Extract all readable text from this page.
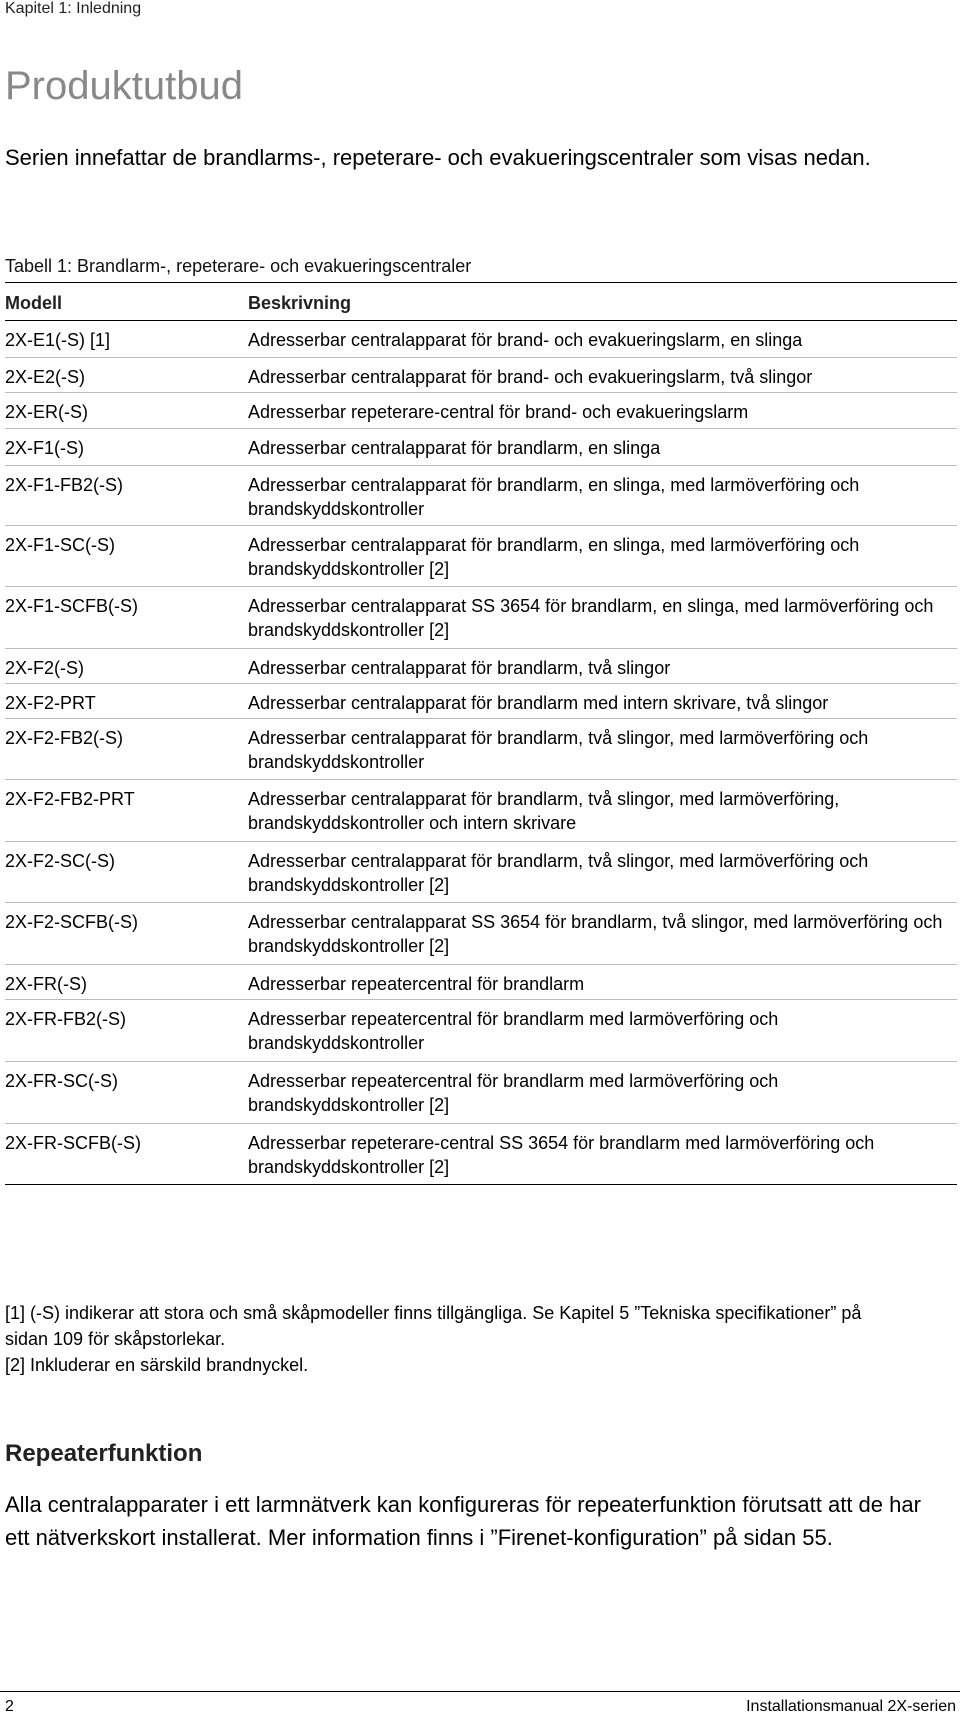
Kapitel 1: Inledning
Produktutbud
Serien innefattar de brandlarms-, repeterare- och evakueringscentraler som visas nedan.
Tabell 1: Brandlarm-, repeterare- och evakueringscentraler
Modell	Beskrivning
2X-E1(-S) [1]	Adresserbar centralapparat för brand- och evakueringslarm, en slinga
2X-E2(-S)	Adresserbar centralapparat för brand- och evakueringslarm, två slingor
2X-ER(-S)	Adresserbar repeterare-central för brand- och evakueringslarm
2X-F1(-S)	Adresserbar centralapparat för brandlarm, en slinga
2X-F1-FB2(-S)	Adresserbar centralapparat för brandlarm, en slinga, med larmöverföring och brandskyddskontroller
2X-F1-SC(-S)	Adresserbar centralapparat för brandlarm, en slinga, med larmöverföring och brandskyddskontroller [2]
2X-F1-SCFB(-S)	Adresserbar centralapparat SS 3654 för brandlarm, en slinga, med larmöverföring och brandskyddskontroller [2]
2X-F2(-S)	Adresserbar centralapparat för brandlarm, två slingor
2X-F2-PRT	Adresserbar centralapparat för brandlarm med intern skrivare, två slingor
2X-F2-FB2(-S)	Adresserbar centralapparat för brandlarm, två slingor, med larmöverföring och brandskyddskontroller
2X-F2-FB2-PRT	Adresserbar centralapparat för brandlarm, två slingor, med larmöverföring, brandskyddskontroller och intern skrivare
2X-F2-SC(-S)	Adresserbar centralapparat för brandlarm, två slingor, med larmöverföring och brandskyddskontroller [2]
2X-F2-SCFB(-S)	Adresserbar centralapparat SS 3654 för brandlarm, två slingor, med larmöverföring och brandskyddskontroller [2]
2X-FR(-S)	Adresserbar repeatercentral för brandlarm
2X-FR-FB2(-S)	Adresserbar repeatercentral för brandlarm med larmöverföring och brandskyddskontroller
2X-FR-SC(-S)	Adresserbar repeatercentral för brandlarm med larmöverföring och brandskyddskontroller [2]
2X-FR-SCFB(-S)	Adresserbar repeterare-central SS 3654 för brandlarm med larmöverföring och brandskyddskontroller [2]
[1] (-S) indikerar att stora och små skåpmodeller finns tillgängliga. Se Kapitel 5 ”Tekniska specifikationer” på sidan 109 för skåpstorlekar.
[2] Inkluderar en särskild brandnyckel.
Repeaterfunktion
Alla centralapparater i ett larmnätverk kan konfigureras för repeaterfunktion förutsatt att de har ett nätverkskort installerat. Mer information finns i ”Firenet-konfiguration” på sidan 55.
2	Installationsmanual 2X-serien
